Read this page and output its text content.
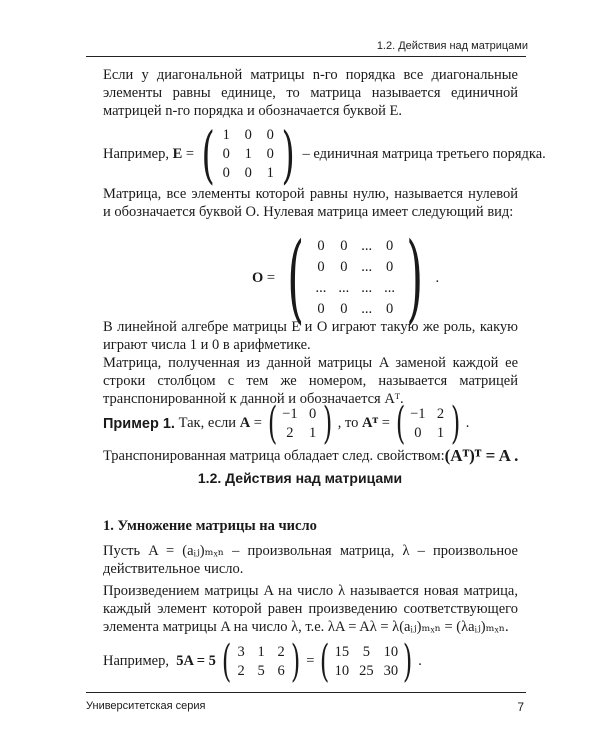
1.2. Действия над матрицами

Если у диагональной матрицы n-го порядка все диагональные элементы равны единице, то матрица называется единичной матрицей n-го порядка и обозначается буквой E.

Например,
E
= ( 1 0 0
0 1 0
0 0 1 ) – единичная матрица третьего порядка.

Матрица, все элементы которой равны нулю, называется нулевой и обозначается буквой O. Нулевая матрица имеет следующий вид:

O
= ( 0 0 ... 0
0 0 ... 0
... ... ... ...
0 0 ... 0 ) .

В линейной алгебре матрицы E и O играют такую же роль, какую играют числа 1 и 0 в арифметике.

Матрица, полученная из данной матрицы A заменой каждой ее строки столбцом с тем же номером, называется матрицей транспонированной к данной и обозначается Aᵀ.

Пример 1.
Так, если
A
= ( −1 0
2 1 ) , то
Aᵀ
= ( −1 2
0 1 ) .
Транспонированная матрица обладает след. свойством: (Aᵀ)ᵀ = A .
1.2. Действия над матрицами
1. Умножение матрицы на число

Пусть A = (aᵢⱼ)ₘₓₙ – произвольная матрица, λ – произвольное действительное число.

Произведением матрицы A на число λ называется новая матрица, каждый элемент которой равен произведению соответствующего элемента матрицы A на число λ, т.е. λA = Aλ = λ(aᵢⱼ)ₘₓₙ = (λaᵢⱼ)ₘₓₙ.

Например,
5A = 5 ( 3 1 2
2 5 6 ) = ( 15 5 10
10 25 30 ) .
Университетская серия	7
